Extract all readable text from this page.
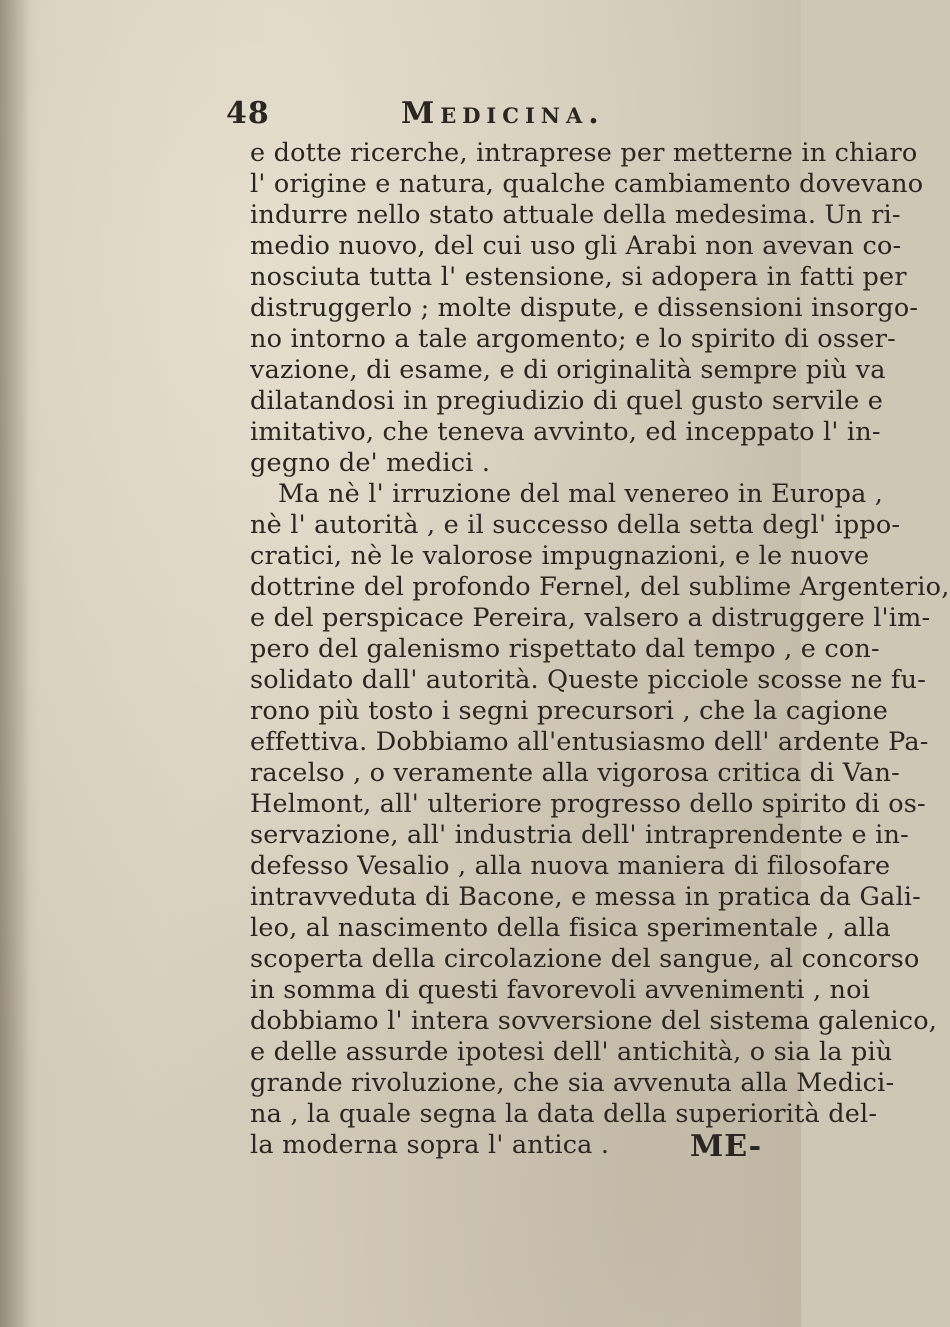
48	Medicina.
e dotte ricerche, intraprese per metterne in chiaro
l' origine e natura, qualche cambiamento dovevano
indurre nello stato attuale della medesima. Un ri-
medio nuovo, del cui uso gli Arabi non avevan co-
nosciuta tutta l' estensione, si adopera in fatti per
distruggerlo ; molte dispute, e dissensioni insorgo-
no intorno a tale argomento; e lo spirito di osser-
vazione, di esame, e di originalità sempre più va
dilatandosi in pregiudizio di quel gusto servile e
imitativo, che teneva avvinto, ed inceppato l' in-
gegno de' medici .
Ma nè l' irruzione del mal venereo in Europa ,
nè l' autorità , e il successo della setta degl' ippo-
cratici, nè le valorose impugnazioni, e le nuove
dottrine del profondo Fernel, del sublime Argenterio,
e del perspicace Pereira, valsero a distruggere l'im-
pero del galenismo rispettato dal tempo , e con-
solidato dall' autorità. Queste picciole scosse ne fu-
rono più tosto i segni precursori , che la cagione
effettiva. Dobbiamo all'entusiasmo dell' ardente Pa-
racelso , o veramente alla vigorosa critica di Van-
Helmont, all' ulteriore progresso dello spirito di os-
servazione, all' industria dell' intraprendente e in-
defesso Vesalio , alla nuova maniera di filosofare
intravveduta di Bacone, e messa in pratica da Gali-
leo, al nascimento della fisica sperimentale , alla
scoperta della circolazione del sangue, al concorso
in somma di questi favorevoli avvenimenti , noi
dobbiamo l' intera sovversione del sistema galenico,
e delle assurde ipotesi dell' antichità, o sia la più
grande rivoluzione, che sia avvenuta alla Medici-
na , la quale segna la data della superiorità del-
la moderna sopra l' antica .	ME-
